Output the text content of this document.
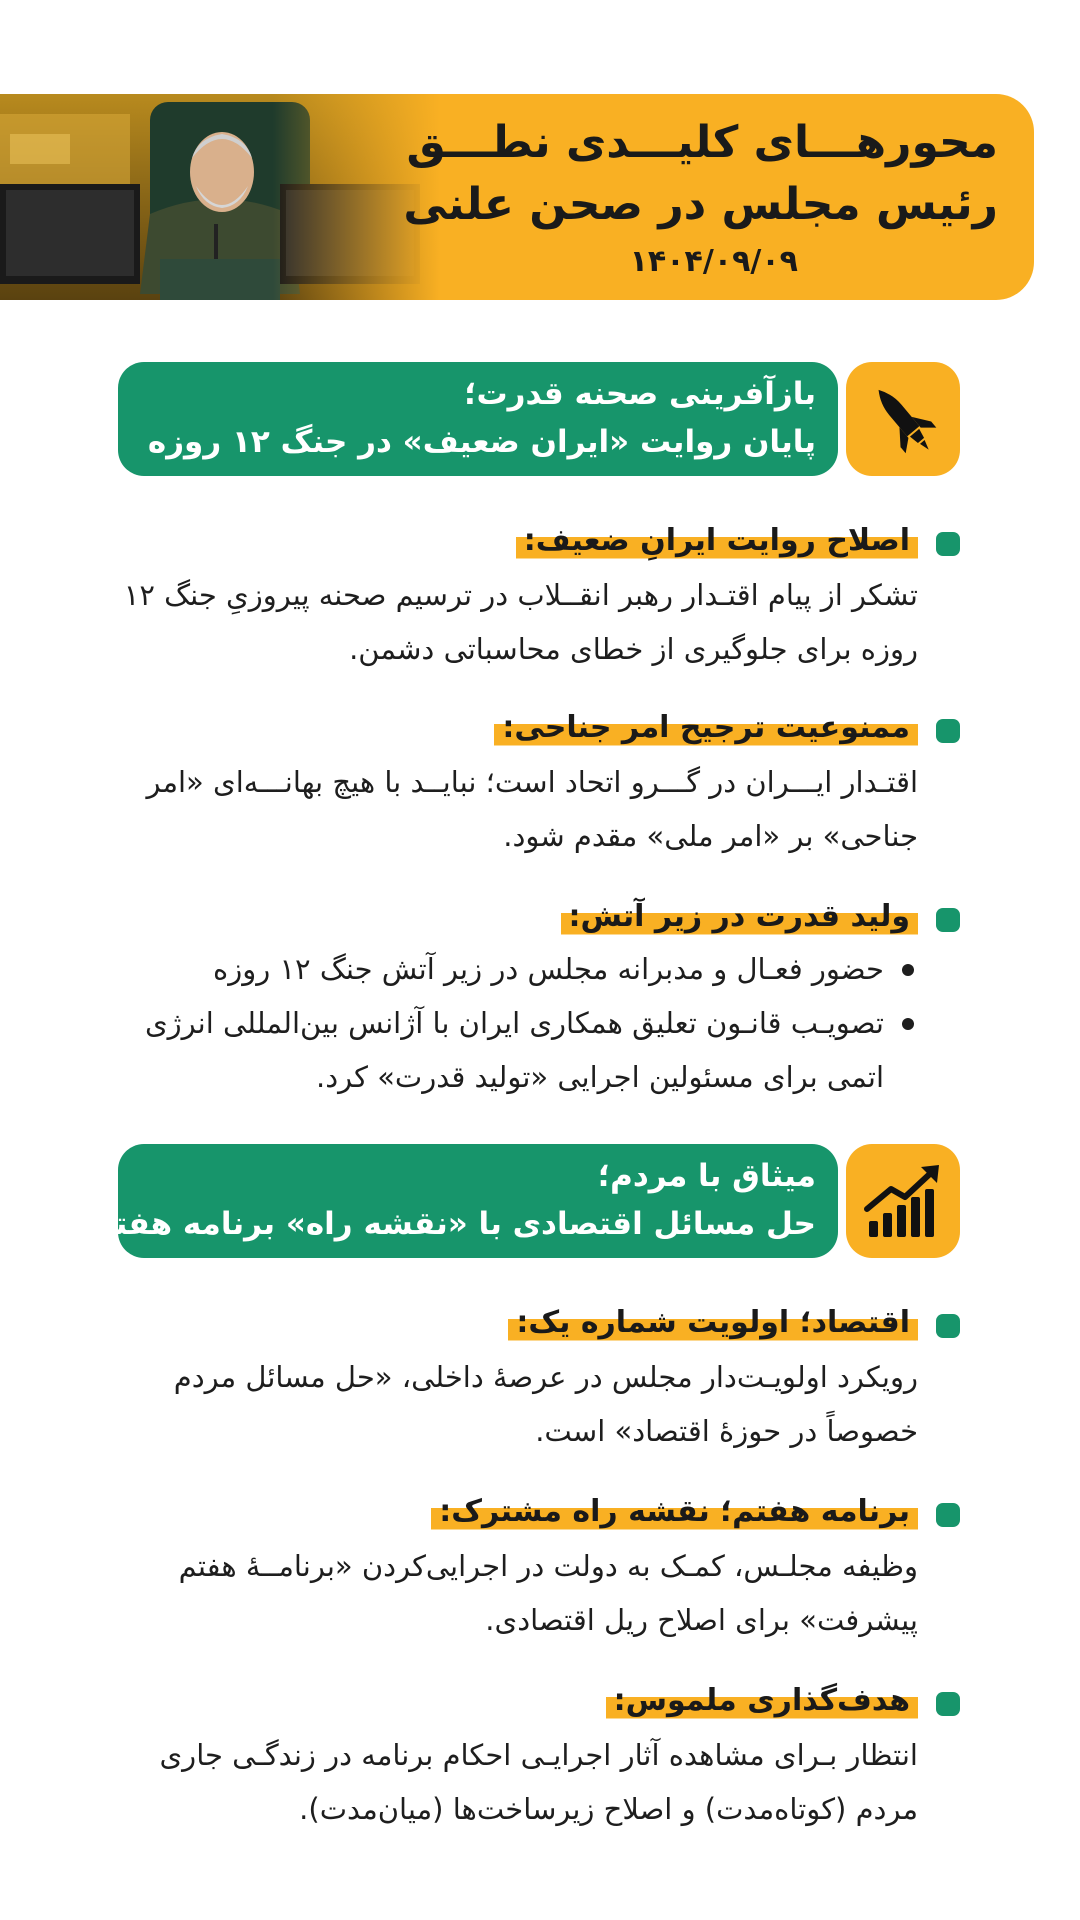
محورهـــای کلیـــدی نطـــق
رئیس مجلس در صحن علنی
۱۴۰۴/۰۹/۰۹
بازآفرینی صحنه قدرت؛
پایان روایت «ایران ضعیف» در جنگ ۱۲ روزه
اصلاح روایت ایرانِ ضعیف:
تشکر از پیام اقتـدار رهبر انقــلاب در ترسیم صحنه پیروزیِ جنگ ۱۲ روزه برای جلوگیری از خطای محاسباتی دشمن.
ممنوعیت ترجیح امر جناحی:
اقتـدار ایـــران در گـــرو اتحاد است؛ نبایــد با هیچ بهانـــه‌ای «امر جناحی» بر «امر ملی» مقدم شود.
ولید قدرت در زیر آتش:
حضور فعـال و مدبرانه مجلس در زیر آتش جنگ ۱۲ روزه
تصویـب قانـون تعلیق همکاری ایران با آژانس بین‌المللی انرژی اتمی برای مسئولین اجرایی «تولید قدرت» کرد.
میثاق با مردم؛
حل مسائل اقتصادی با «نقشه راه» برنامه هفتم
اقتصاد؛ اولویت شماره یک:
رویکرد اولویـت‌دار مجلس در عرصهٔ داخلی، «حل مسائل مردم خصوصاً در حوزهٔ اقتصاد» است.
برنامه هفتم؛ نقشه راه مشترک:
وظیفه مجلـس، کمـک به دولت در اجرایی‌کردن «برنامــهٔ هفتم پیشرفت» برای اصلاح ریل اقتصادی.
هدف‌گذاری ملموس:
انتظار بـرای مشاهده آثار اجرایـی احکام برنامه در زندگـی جاری مردم (کوتاه‌مدت) و اصلاح زیرساخت‌ها (میان‌مدت).
